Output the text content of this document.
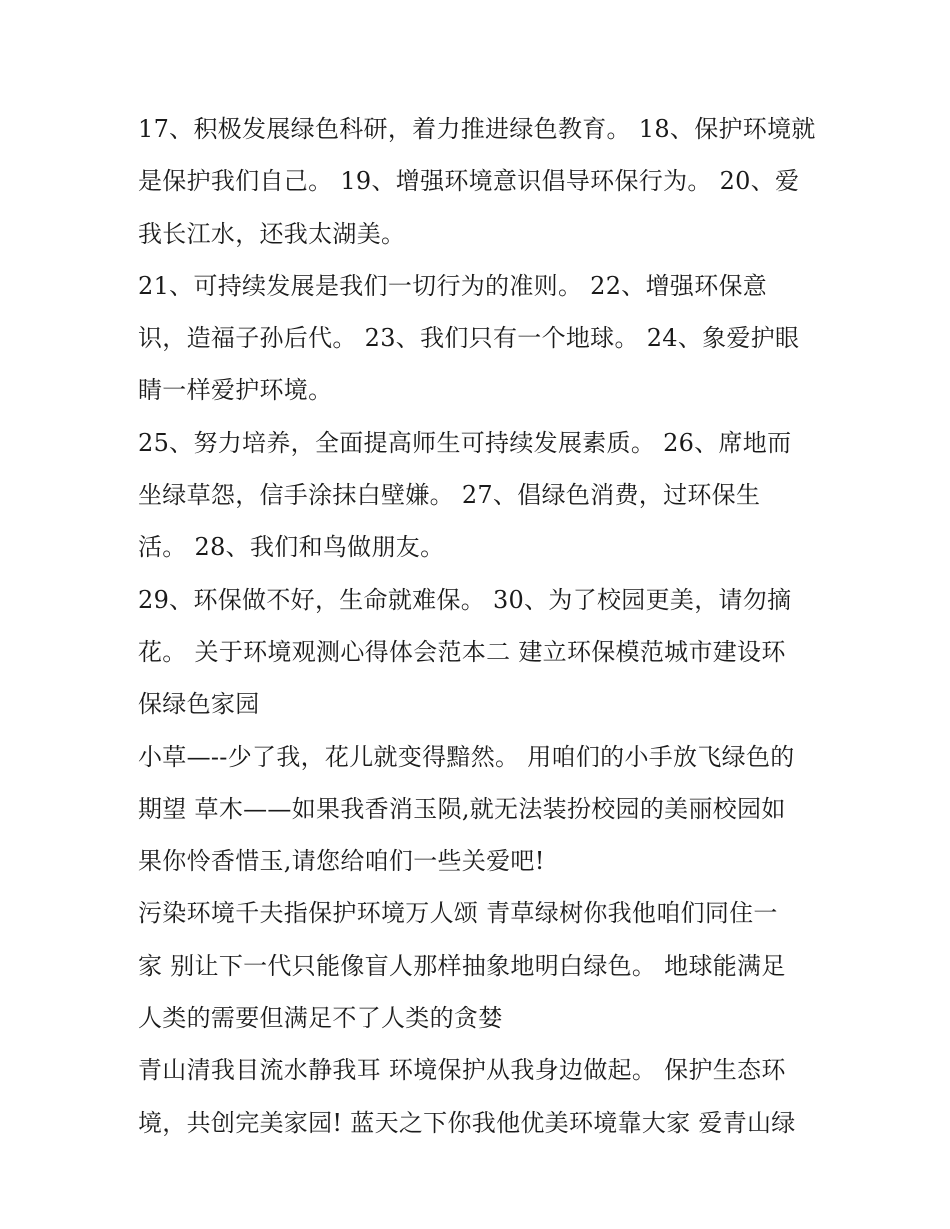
17、积极发展绿色科研，着力推进绿色教育。 18、保护环境就
是保护我们自己。 19、增强环境意识倡导环保行为。 20、爱
我长江水，还我太湖美。
21、可持续发展是我们一切行为的准则。 22、增强环保意
识，造福子孙后代。 23、我们只有一个地球。 24、象爱护眼
睛一样爱护环境。
25、努力培养，全面提高师生可持续发展素质。 26、席地而
坐绿草怨，信手涂抹白壁嫌。 27、倡绿色消费，过环保生
活。 28、我们和鸟做朋友。
29、环保做不好，生命就难保。 30、为了校园更美，请勿摘
花。 关于环境观测心得体会范本二 建立环保模范城市建设环
保绿色家园
小草—--少了我，花儿就变得黯然。 用咱们的小手放飞绿色的
期望 草木——如果我香消玉陨,就无法装扮校园的美丽校园如
果你怜香惜玉,请您给咱们一些关爱吧!
污染环境千夫指保护环境万人颂 青草绿树你我他咱们同住一
家 别让下一代只能像盲人那样抽象地明白绿色。 地球能满足
人类的需要但满足不了人类的贪婪
青山清我目流水静我耳 环境保护从我身边做起。 保护生态环
境，共创完美家园! 蓝天之下你我他优美环境靠大家 爱青山绿
